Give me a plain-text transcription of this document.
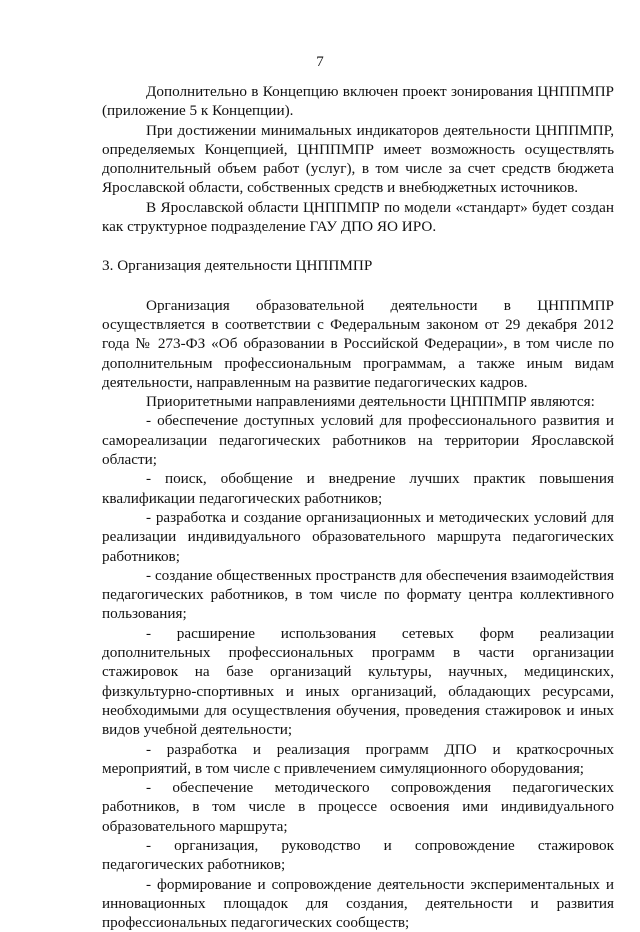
7

Дополнительно в Концепцию включен проект зонирования ЦНППМПР (приложение 5 к Концепции).

При достижении минимальных индикаторов деятельности ЦНППМПР, определяемых Концепцией, ЦНППМПР имеет возможность осуществлять дополнительный объем работ (услуг), в том числе за счет средств бюджета Ярославской области, собственных средств и внебюджетных источников.

В Ярославской области ЦНППМПР по модели «стандарт» будет создан как структурное подразделение ГАУ ДПО ЯО ИРО.

3. Организация деятельности ЦНППМПР

Организация образовательной деятельности в ЦНППМПР осуществляется в соответствии с Федеральным законом от 29 декабря 2012 года № 273-ФЗ «Об образовании в Российской Федерации», в том числе по дополнительным профессиональным программам, а также иным видам деятельности, направленным на развитие педагогических кадров.

Приоритетными направлениями деятельности ЦНППМПР являются:

- обеспечение доступных условий для профессионального развития и самореализации педагогических работников на территории Ярославской области;

- поиск, обобщение и внедрение лучших практик повышения квалификации педагогических работников;

- разработка и создание организационных и методических условий для реализации индивидуального образовательного маршрута педагогических работников;

- создание общественных пространств для обеспечения взаимодействия педагогических работников, в том числе по формату центра коллективного пользования;

- расширение использования сетевых форм реализации дополнительных профессиональных программ в части организации стажировок на базе организаций культуры, научных, медицинских, физкультурно-спортивных и иных организаций, обладающих ресурсами, необходимыми для осуществления обучения, проведения стажировок и иных видов учебной деятельности;

- разработка и реализация программ ДПО и краткосрочных мероприятий, в том числе с привлечением симуляционного оборудования;

- обеспечение методического сопровождения педагогических работников, в том числе в процессе освоения ими индивидуального образовательного маршрута;

- организация, руководство и сопровождение стажировок педагогических работников;

- формирование и сопровождение деятельности экспериментальных и инновационных площадок для создания, деятельности и развития профессиональных педагогических сообществ;
